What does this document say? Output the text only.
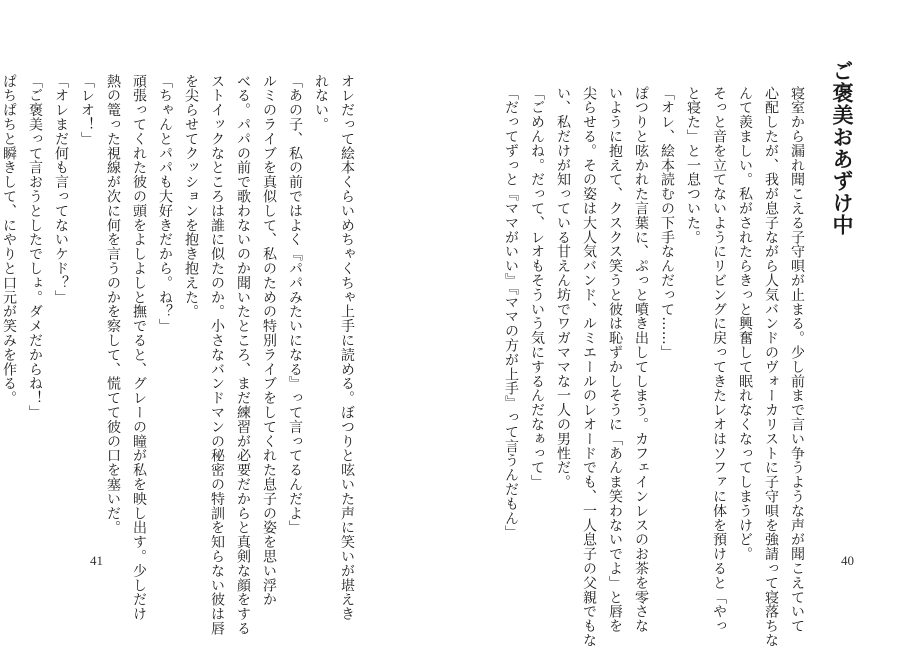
オレだって絵本くらいめちゃくちゃ上手に読める。ぼつりと呟いた声に笑いが堪えき
れない。
「あの子、私の前ではよく『パパみたいになる』って言ってるんだよ」
ルミのライブを真似して、私のための特別ライブをしてくれた息子の姿を思い浮か
べる。パパの前で歌わないのか聞いたところ、まだ練習が必要だからと真剣な顔をする
ストイックなところは誰に似たのか。小さなバンドマンの秘密の特訓を知らない彼は唇
を尖らせてクッションを抱き抱えた。
「ちゃんとパパも大好きだから。ね？」
頑張ってくれた彼の頭をよしよしと撫でると、グレーの瞳が私を映し出す。少しだけ
熱の篭った視線が次に何を言うのかを察して、慌てて彼の口を塞いだ。
「レオ！」
「オレまだ何も言ってないケド？」
「ご褒美って言おうとしたでしょ。ダメだからね！」
ぱちぱちと瞬きして、にやりと口元が笑みを作る。
41
ご褒美おあずけ中
寝室から漏れ聞こえる子守唄が止まる。少し前まで言い争うような声が聞こえていて
心配したが、我が息子ながら人気バンドのヴォーカリストに子守唄を強請って寝落ちな
んて羨ましい。私がされたらきっと興奮して眠れなくなってしまうけど。
そっと音を立てないようにリビングに戻ってきたレオはソファに体を預けると「やっ
と寝た」と一息ついた。
「オレ、絵本読むの下手なんだって……」
ぽつりと呟かれた言葉に、ぷっと噴き出してしまう。カフェインレスのお茶を零さな
いように抱えて、クスクス笑うと彼は恥ずかしそうに「あんま笑わないでよ」と唇を
尖らせる。その姿は大人気バンド、ルミエールのレオードでも、一人息子の父親でもな
い、私だけが知っている甘えん坊でワガママな一人の男性だ。
「ごめんね。だって、レオもそういう気にするんだなぁって」
「だってずっと『ママがいい』『ママの方が上手』って言うんだもん」
40
